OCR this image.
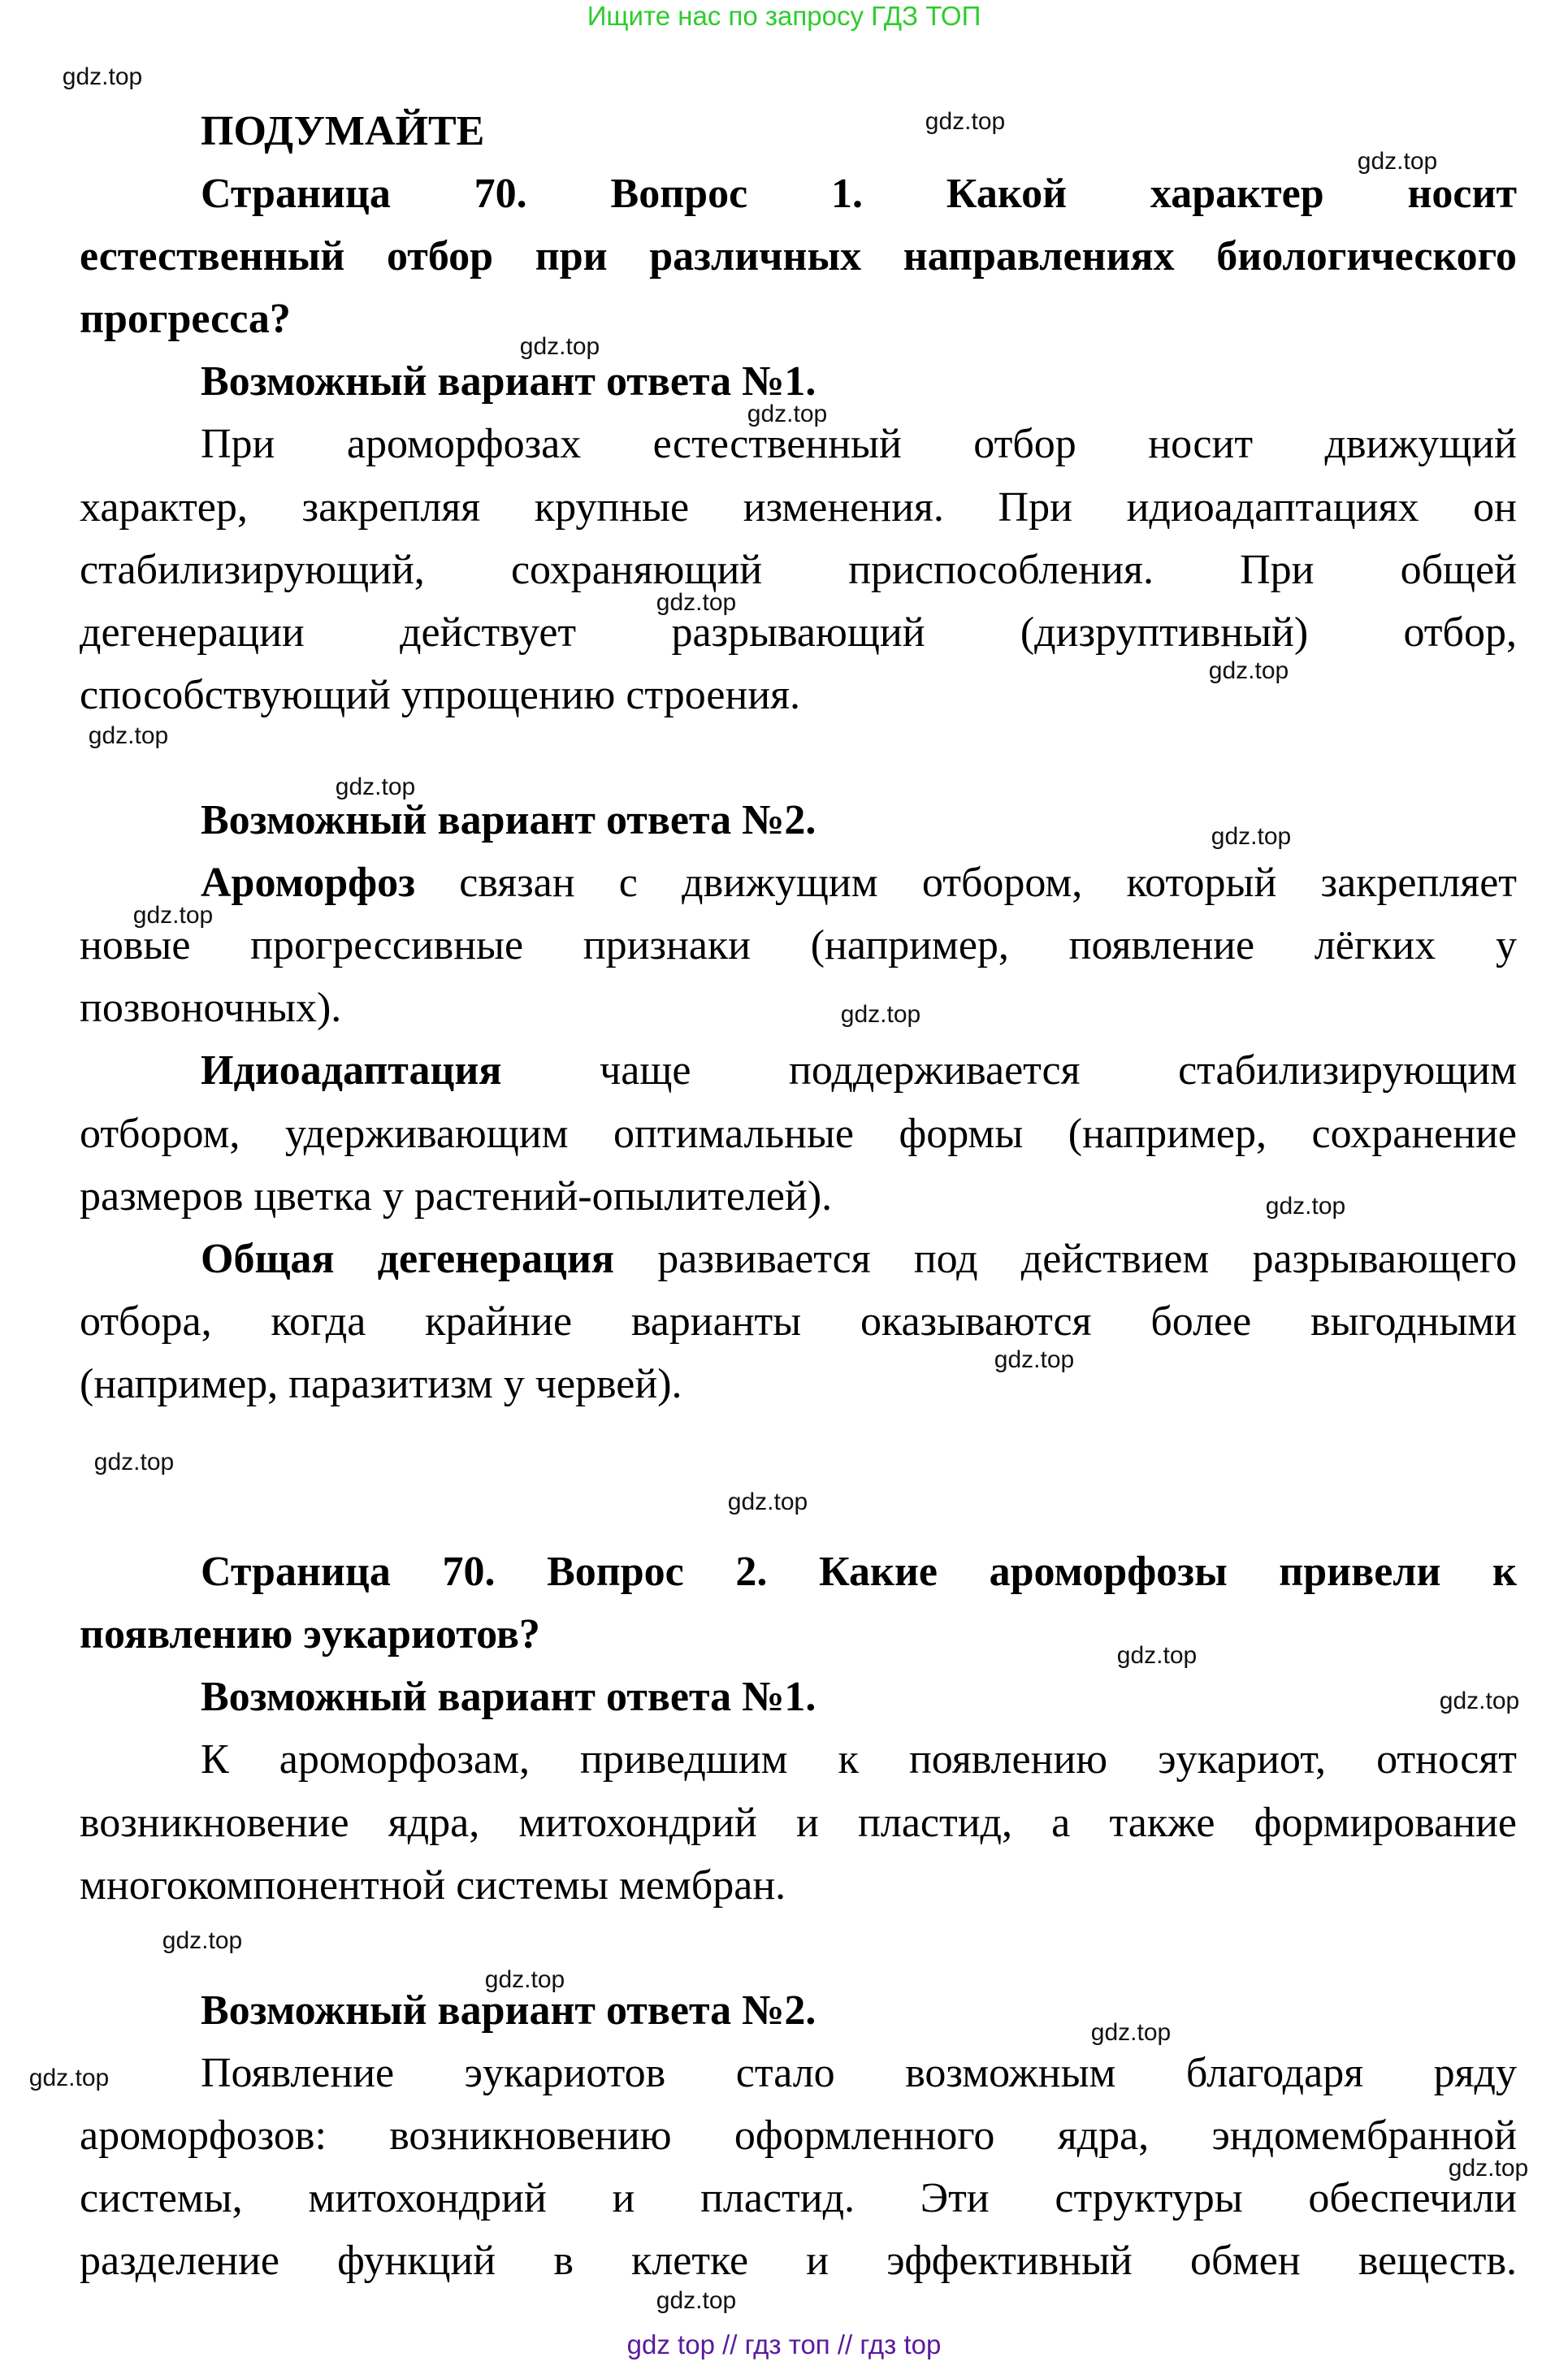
Ищите нас по запросу ГДЗ ТОП
ПОДУМАЙТЕ
Страница 70. Вопрос 1. Какой характер носит
естественный отбор при различных направлениях биологического
прогресса?
Возможный вариант ответа №1.
При ароморфозах естественный отбор носит движущий
характер, закрепляя крупные изменения. При идиоадаптациях он
стабилизирующий, сохраняющий приспособления. При общей
дегенерации действует разрывающий (дизруптивный) отбор,
способствующий упрощению строения.
Возможный вариант ответа №2.
Ароморфоз связан с движущим отбором, который закрепляет
новые прогрессивные признаки (например, появление лёгких у
позвоночных).
Идиоадаптация чаще поддерживается стабилизирующим
отбором, удерживающим оптимальные формы (например, сохранение
размеров цветка у растений-опылителей).
Общая дегенерация развивается под действием разрывающего
отбора, когда крайние варианты оказываются более выгодными
(например, паразитизм у червей).
Страница 70. Вопрос 2. Какие ароморфозы привели к
появлению эукариотов?
Возможный вариант ответа №1.
К ароморфозам, приведшим к появлению эукариот, относят
возникновение ядра, митохондрий и пластид, а также формирование
многокомпонентной системы мембран.
Возможный вариант ответа №2.
Появление эукариотов стало возможным благодаря ряду
ароморфозов: возникновению оформленного ядра, эндомембранной
системы, митохондрий и пластид. Эти структуры обеспечили
разделение функций в клетке и эффективный обмен веществ.
gdz.top
gdz.top
gdz.top
gdz.top
gdz.top
gdz.top
gdz.top
gdz.top
gdz.top
gdz.top
gdz.top
gdz.top
gdz.top
gdz.top
gdz.top
gdz.top
gdz.top
gdz.top
gdz.top
gdz.top
gdz.top
gdz.top
gdz.top
gdz.top
gdz top // гдз топ // гдз top
